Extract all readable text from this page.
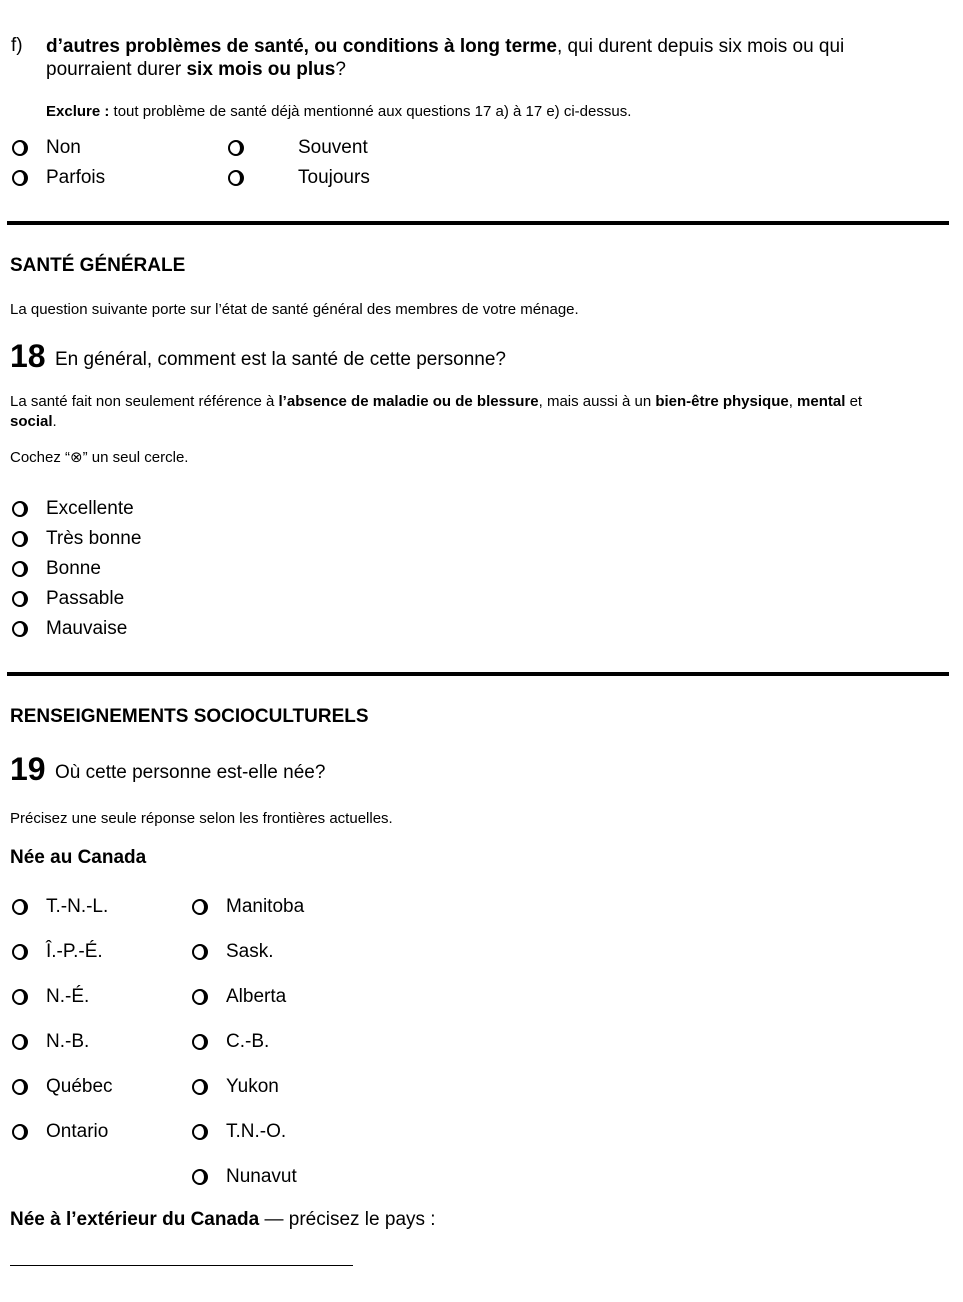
f) d’autres problèmes de santé, ou conditions à long terme, qui durent depuis six mois ou qui
pourraient durer six mois ou plus?
Exclure : tout problème de santé déjà mentionné aux questions 17 a) à 17 e) ci-dessus.
Non	Souvent
Parfois	Toujours
SANTÉ GÉNÉRALE
La question suivante porte sur l’état de santé général des membres de votre ménage.
18 En général, comment est la santé de cette personne?
La santé fait non seulement référence à l’absence de maladie ou de blessure, mais aussi à un bien-être physique, mental et
social.
Cochez “⊗” un seul cercle.
Excellente
Très bonne
Bonne
Passable
Mauvaise
RENSEIGNEMENTS SOCIOCULTURELS
19 Où cette personne est-elle née?
Précisez une seule réponse selon les frontières actuelles.
Née au Canada
T.-N.-L.
Î.-P.-É.
N.-É.
N.-B.
Québec
Ontario
Manitoba
Sask.
Alberta
C.-B.
Yukon
T.N.-O.
Nunavut
Née à l’extérieur du Canada — précisez le pays :
